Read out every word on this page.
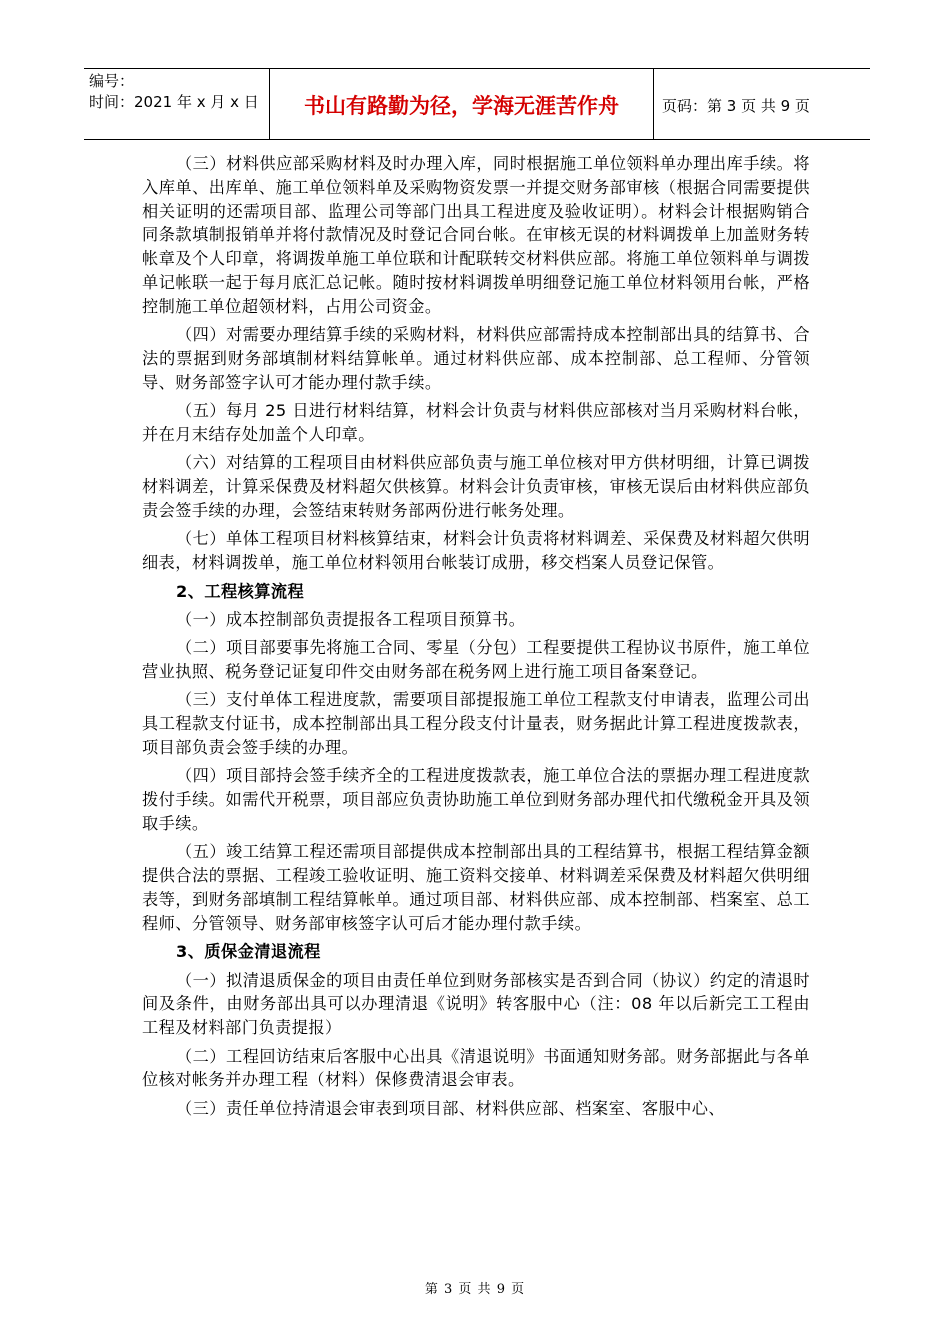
编号：
时间：2021 年 x 月 x 日	书山有路勤为径，学海无涯苦作舟	页码：第 3 页 共 9 页

（三）材料供应部采购材料及时办理入库，同时根据施工单位领料单办理出库手续。将入库单、出库单、施工单位领料单及采购物资发票一并提交财务部审核（根据合同需要提供相关证明的还需项目部、监理公司等部门出具工程进度及验收证明）。材料会计根据购销合同条款填制报销单并将付款情况及时登记合同台帐。在审核无误的材料调拨单上加盖财务转帐章及个人印章，将调拨单施工单位联和计配联转交材料供应部。将施工单位领料单与调拨单记帐联一起于每月底汇总记帐。随时按材料调拨单明细登记施工单位材料领用台帐，严格控制施工单位超领材料，占用公司资金。

（四）对需要办理结算手续的采购材料，材料供应部需持成本控制部出具的结算书、合法的票据到财务部填制材料结算帐单。通过材料供应部、成本控制部、总工程师、分管领导、财务部签字认可才能办理付款手续。

（五）每月 25 日进行材料结算，材料会计负责与材料供应部核对当月采购材料台帐，并在月末结存处加盖个人印章。

（六）对结算的工程项目由材料供应部负责与施工单位核对甲方供材明细，计算已调拨材料调差，计算采保费及材料超欠供核算。材料会计负责审核，审核无误后由材料供应部负责会签手续的办理，会签结束转财务部两份进行帐务处理。

（七）单体工程项目材料核算结束，材料会计负责将材料调差、采保费及材料超欠供明细表，材料调拨单，施工单位材料领用台帐装订成册，移交档案人员登记保管。

2、工程核算流程

（一）成本控制部负责提报各工程项目预算书。

（二）项目部要事先将施工合同、零星（分包）工程要提供工程协议书原件，施工单位营业执照、税务登记证复印件交由财务部在税务网上进行施工项目备案登记。

（三）支付单体工程进度款，需要项目部提报施工单位工程款支付申请表，监理公司出具工程款支付证书，成本控制部出具工程分段支付计量表，财务据此计算工程进度拨款表，项目部负责会签手续的办理。

（四）项目部持会签手续齐全的工程进度拨款表，施工单位合法的票据办理工程进度款拨付手续。如需代开税票，项目部应负责协助施工单位到财务部办理代扣代缴税金开具及领取手续。

（五）竣工结算工程还需项目部提供成本控制部出具的工程结算书，根据工程结算金额提供合法的票据、工程竣工验收证明、施工资料交接单、材料调差采保费及材料超欠供明细表等，到财务部填制工程结算帐单。通过项目部、材料供应部、成本控制部、档案室、总工程师、分管领导、财务部审核签字认可后才能办理付款手续。

3、质保金清退流程

（一）拟清退质保金的项目由责任单位到财务部核实是否到合同（协议）约定的清退时间及条件，由财务部出具可以办理清退《说明》转客服中心（注：08 年以后新完工工程由工程及材料部门负责提报）

（二）工程回访结束后客服中心出具《清退说明》书面通知财务部。财务部据此与各单位核对帐务并办理工程（材料）保修费清退会审表。

（三）责任单位持清退会审表到项目部、材料供应部、档案室、客服中心、

第 3 页 共 9 页
